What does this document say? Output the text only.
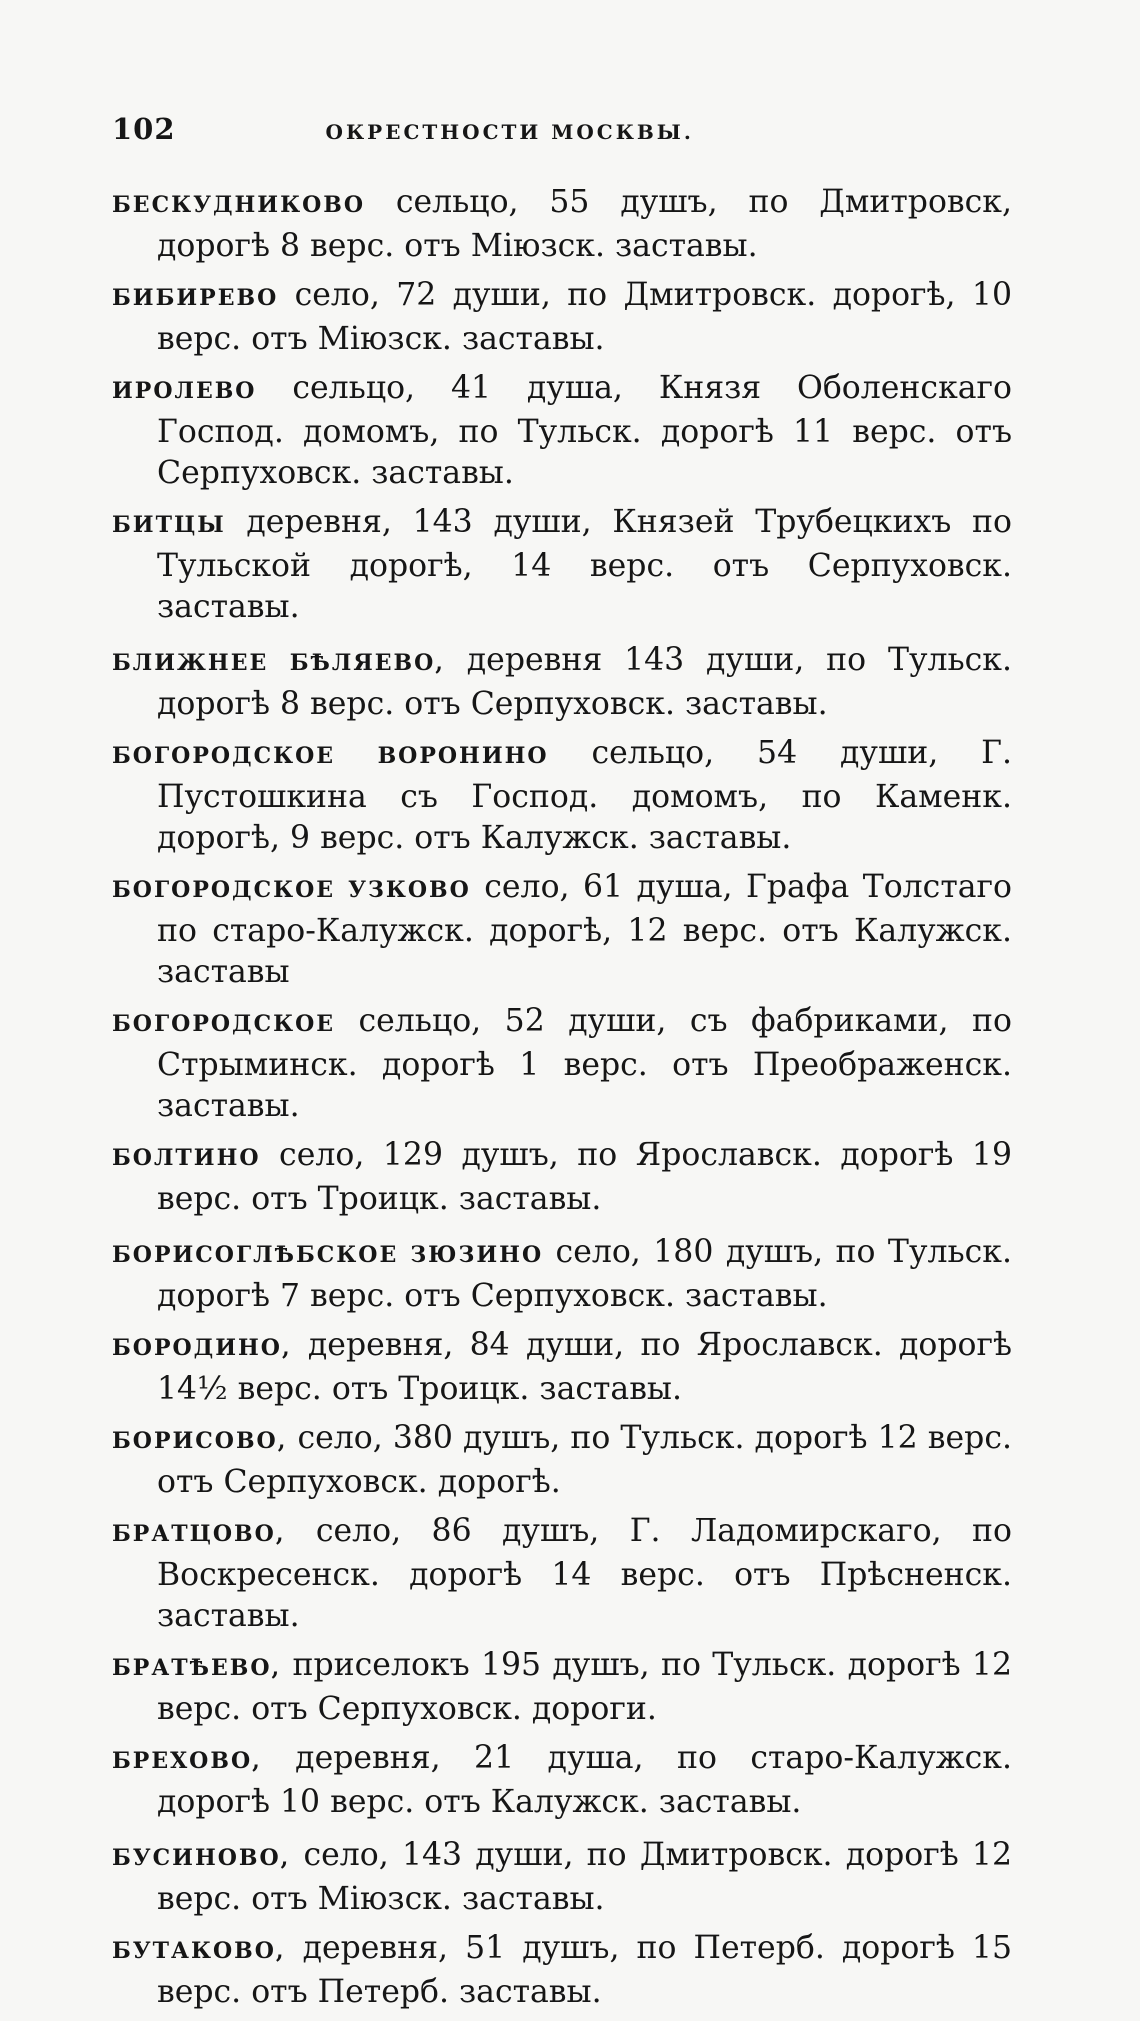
102	ОКРЕСТНОСТИ МОСКВЫ.

БЕСКУДНИКОВО сельцо, 55 душъ, по Дмитровск, дорогѣ 8 верс. отъ Міюзск. заставы.

БИБИРЕВО село, 72 души, по Дмитровск. дорогѣ, 10 верс. отъ Міюзск. заставы.

ИРОЛЕВО сельцо, 41 душа, Князя Оболенскаго Господ. домомъ, по Тульск. дорогѣ 11 верс. отъ Серпуховск. заставы.

БИТЦЫ деревня, 143 души, Князей Трубецкихъ по Тульской дорогѣ, 14 верс. отъ Серпуховск. заставы.

БЛИЖНЕЕ БѢЛЯЕВО, деревня 143 души, по Тульск. дорогѣ 8 верс. отъ Серпуховск. заставы.

БОГОРОДСКОЕ ВОРОНИНО сельцо, 54 души, Г. Пустошкина съ Господ. домомъ, по Каменк. дорогѣ, 9 верс. отъ Калужск. заставы.

БОГОРОДСКОЕ УЗКОВО село, 61 душа, Графа Толстаго по старо-Калужск. дорогѣ, 12 верс. отъ Калужск. заставы

БОГОРОДСКОЕ сельцо, 52 души, съ фабриками, по Стрыминск. дорогѣ 1 верс. отъ Преображенск. заставы.

БОЛТИНО село, 129 душъ, по Ярославск. дорогѣ 19 верс. отъ Троицк. заставы.

БОРИСОГЛѢБСКОЕ ЗЮЗИНО село, 180 душъ, по Тульск. дорогѣ 7 верс. отъ Серпуховск. заставы.

БОРОДИНО, деревня, 84 души, по Ярославск. дорогѣ 14½ верс. отъ Троицк. заставы.

БОРИСОВО, село, 380 душъ, по Тульск. дорогѣ 12 верс. отъ Серпуховск. дорогѣ.

БРАТЦОВО, село, 86 душъ, Г. Ладомирскаго, по Воскресенск. дорогѣ 14 верс. отъ Прѣсненск. заставы.

БРАТѢЕВО, приселокъ 195 душъ, по Тульск. дорогѣ 12 верс. отъ Серпуховск. дороги.

БРЕХОВО, деревня, 21 душа, по старо-Калужск. дорогѣ 10 верс. отъ Калужск. заставы.

БУСИНОВО, село, 143 души, по Дмитровск. дорогѣ 12 верс. отъ Міюзск. заставы.

БУТАКОВО, деревня, 51 душъ, по Петерб. дорогѣ 15 верс. отъ Петерб. заставы.
